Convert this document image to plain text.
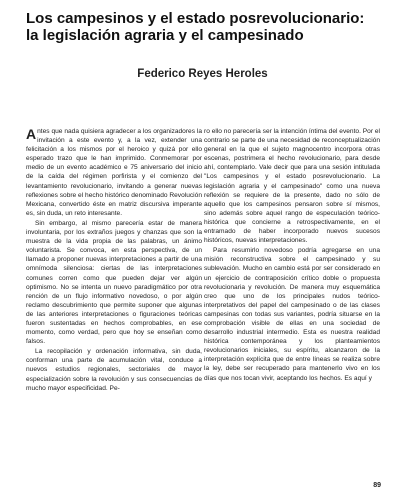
Los campesinos y el estado posrevolucionario:
la legislación agraria y el campesinado
Federico Reyes Heroles

Antes que nada quisiera agradecer a los organizadores la invitación a este evento y, a la vez, extender una felicitación a los mismos por el heroico y quizá por ello esperado trazo que le han imprimido. Conmemorar por medio de un evento académico e 75 aniversario del inicio de la caída del régimen porfirista y el comienzo del levantamiento revolucionario, invitando a generar nuevas reflexiones sobre el hecho histórico denominado Revolución Mexicana, convertido éste en matriz discursiva imperante es, sin duda, un reto interesante.

Sin embargo, al mismo parecería estar de manera involuntaria, por los extraños juegos y chanzas que son la muestra de la vida propia de las palabras, un ánimo voluntarista. Se convoca, en esta perspectiva, de un llamado a proponer nuevas interpretaciones a partir de una omnímoda silenciosa: ciertas de las interpretaciones comunes corren como que pueden dejar ver algún optimismo. No se intenta un nuevo paradigmático por otra rención de un flujo informativo novedoso, o por algún reclamo descubrimiento que permite suponer que algunas de las anteriores interpretaciones o figuraciones teóricas fueron sustentadas en hechos comprobables, en ese momento, como verdad, pero que hoy se enseñan como falsos.

La recopilación y ordenación informativa, sin duda, conforman una parte de acumulación vital, conduce a nuevos estudios regionales, sectoriales de mayor especialización sobre la revolución y sus consecuencias de mucho mayor especificidad. Pe-

ro ello no parecería ser la intención íntima del evento. Por el contrario se parte de una necesidad de reconceptualización general en la que el sujeto magnocentro incorpora otras escenas, postrimera el hecho revolucionario, para desde ahí, contemplarlo. Vale decir que para una sesión intitulada "Los campesinos y el estado posrevolucionario. La legislación agraria y el campesinado" como una nueva reflexión se requiere de la presente, dado no sólo de aquello que los campesinos pensaron sobre sí mismos, sino además sobre aquel rango de especulación teórico-histórica que concierne a retrospectivamente, en el entramado de haber incorporado nuevos sucesos históricos, nuevas interpretaciones.

Para resumirlo novedoso podría agregarse en una misión reconstructiva sobre el campesinado y su sublevación. Mucho en cambio está por ser considerado en un ejercicio de contraposición crítico doble o propuesta revolucionaria y revolución. De manera muy esquemática creo que uno de los principales nudos teórico-interpretativos del papel del campesinado o de las clases campesinas con todas sus variantes, podría situarse en la comprobación visible de ellas en una sociedad de desarrollo industrial intermedio. Esta es nuestra realidad histórica contemporánea y los planteamientos revolucionarios iniciales, su espíritu, alcanzaron de la interpretación explícita que de entre líneas se realiza sobre la ley, debe ser recuperado para mantenerlo vivo en los días que nos tocan vivir, aceptando los hechos. Es aquí y

89
